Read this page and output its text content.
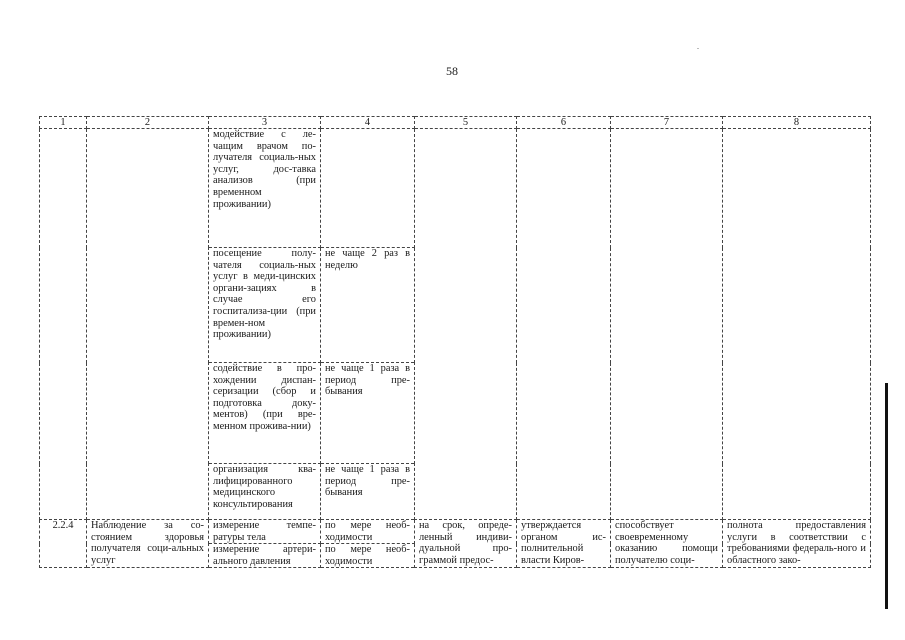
58
1	2	3	4	5	6	7	8
		модействие с ле-чащим врачом по-лучателя социаль-ных услуг, дос-тавка анализов (при временном проживании)					
		посещение полу-чателя социаль-ных услуг в меди-цинских органи-зациях в случае его госпитализа-ции (при времен-ном проживании)	не чаще 2 раз в неделю				
		содействие в про-хождении диспан-серизации (сбор и подготовка доку-ментов) (при вре-менном прожива-нии)	не чаще 1 раза в период пре-бывания				
		организация ква-лифицированного медицинского консультирования	не чаще 1 раза в период пре-бывания				
2.2.4	Наблюдение за со-стоянием здоровья получателя соци-альных услуг	измерение темпе-ратуры тела	по мере необ-ходимости	на срок, опреде-ленный индиви-дуальной про-граммой предос-	утверждается органом ис-полнительной власти Киров-	способствует своевременному оказанию помощи получателю соци-	полнота предоставления услуги в соответствии с требованиями федераль-ного и областного зако-
		измерение артери-ального давления	по мере необ-ходимости				
